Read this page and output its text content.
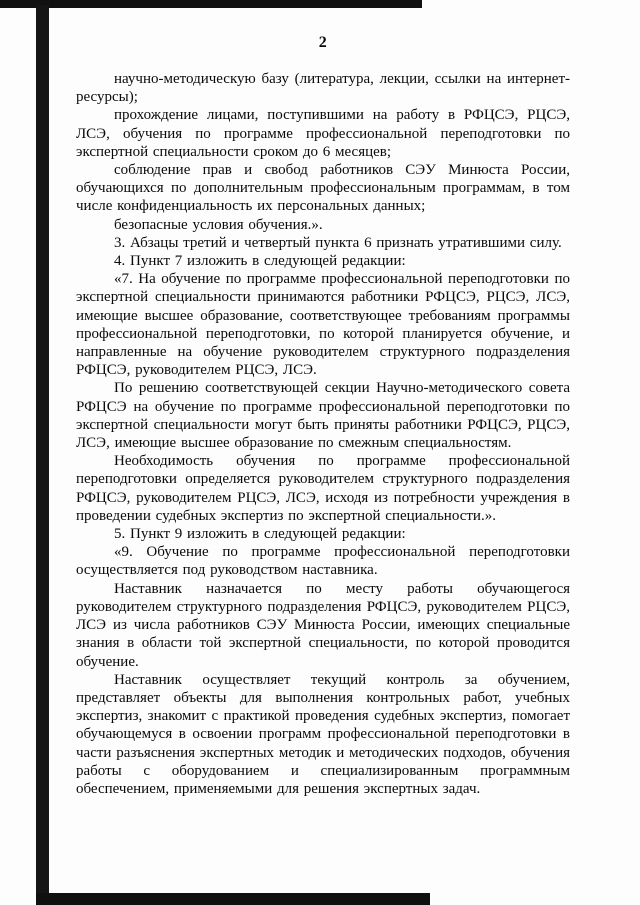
2

научно-методическую базу (литература, лекции, ссылки на интернет-ресурсы);

прохождение лицами, поступившими на работу в РФЦСЭ, РЦСЭ, ЛСЭ, обучения по программе профессиональной переподготовки по экспертной специальности сроком до 6 месяцев;

соблюдение прав и свобод работников СЭУ Минюста России, обучающихся по дополнительным профессиональным программам, в том числе конфиденциальность их персональных данных;

безопасные условия обучения.».

3. Абзацы третий и четвертый пункта 6 признать утратившими силу.

4. Пункт 7 изложить в следующей редакции:

«7. На обучение по программе профессиональной переподготовки по экспертной специальности принимаются работники РФЦСЭ, РЦСЭ, ЛСЭ, имеющие высшее образование, соответствующее требованиям программы профессиональной переподготовки, по которой планируется обучение, и направленные на обучение руководителем структурного подразделения РФЦСЭ, руководителем РЦСЭ, ЛСЭ.

По решению соответствующей секции Научно-методического совета РФЦСЭ на обучение по программе профессиональной переподготовки по экспертной специальности могут быть приняты работники РФЦСЭ, РЦСЭ, ЛСЭ, имеющие высшее образование по смежным специальностям.

Необходимость обучения по программе профессиональной переподготовки определяется руководителем структурного подразделения РФЦСЭ, руководителем РЦСЭ, ЛСЭ, исходя из потребности учреждения в проведении судебных экспертиз по экспертной специальности.».

5. Пункт 9 изложить в следующей редакции:

«9. Обучение по программе профессиональной переподготовки осуществляется под руководством наставника.

Наставник назначается по месту работы обучающегося руководителем структурного подразделения РФЦСЭ, руководителем РЦСЭ, ЛСЭ из числа работников СЭУ Минюста России, имеющих специальные знания в области той экспертной специальности, по которой проводится обучение.

Наставник осуществляет текущий контроль за обучением, представляет объекты для выполнения контрольных работ, учебных экспертиз, знакомит с практикой проведения судебных экспертиз, помогает обучающемуся в освоении программ профессиональной переподготовки в части разъяснения экспертных методик и методических подходов, обучения работы с оборудованием и специализированным программным обеспечением, применяемыми для решения экспертных задач.
